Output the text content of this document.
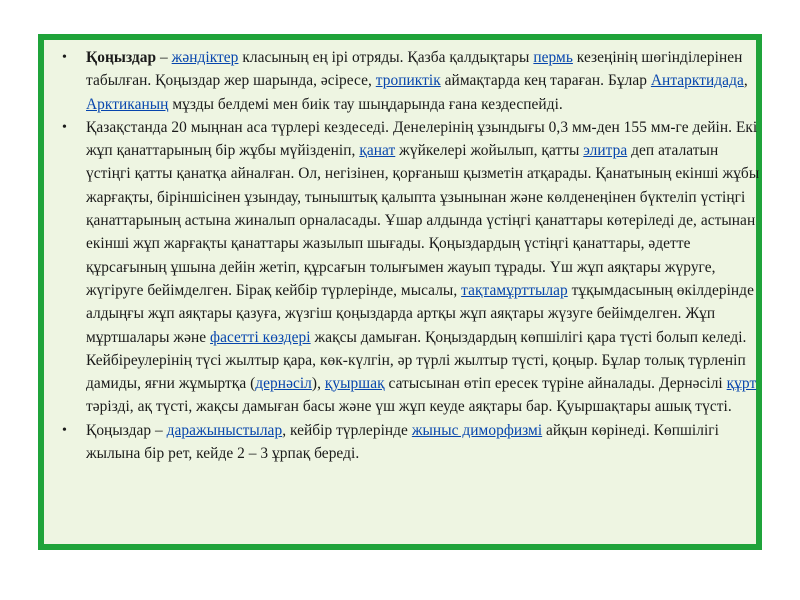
• Қоңыздар – жәндіктер класының ең ірі отряды. Қазба қалдықтары пермь кезеңінің шөгінділерінен табылған. Қоңыздар жер шарында, әсіресе, тропиктік аймақтарда кең тараған. Бұлар Антарктидада, Арктиканың мұзды белдемі мен биік тау шыңдарында ғана кездеспейді.

• Қазақстанда 20 мыңнан аса түрлері кездеседі. Денелерінің ұзындығы 0,3 мм-ден 155 мм-ге дейін. Екі жұп қанаттарының бір жұбы мүйізденіп, қанат жүйкелері жойылып, қатты элитра деп аталатын үстіңгі қатты қанатқа айналған. Ол, негізінен, қорғаныш қызметін атқарады. Қанатының екінші жұбы жарғақты, біріншісінен ұзындау, тыныштық қалыпта ұзынынан және көлденеңінен бүктеліп үстіңгі қанаттарының астына жиналып орналасады. Ұшар алдында үстіңгі қанаттары көтеріледі де, астынан екінші жұп жарғақты қанаттары жазылып шығады. Қоңыздардың үстіңгі қанаттары, әдетте құрсағының ұшына дейін жетіп, құрсағын толығымен жауып тұрады. Үш жұп аяқтары жүруге, жүгіруге бейімделген. Бірақ кейбір түрлерінде, мысалы, тақтамұрттылар тұқымдасының өкілдерінде алдыңғы жұп аяқтары қазуға, жүзгіш қоңыздарда артқы жұп аяқтары жүзуге бейімделген. Жұп мұртшалары және фасетті көздері жақсы дамыған. Қоңыздардың көпшілігі қара түсті болып келеді. Кейбіреулерінің түсі жылтыр қара, көк-күлгін, әр түрлі жылтыр түсті, қоңыр. Бұлар толық түрленіп дамиды, яғни жұмыртқа (дернәсіл), қуыршақ сатысынан өтіп ересек түріне айналады. Дернәсілі құрт тәрізді, ақ түсті, жақсы дамыған басы және үш жұп кеуде аяқтары бар. Қуыршақтары ашық түсті.

• Қоңыздар – даражыныстылар, кейбір түрлерінде жыныс диморфизмі айқын көрінеді. Көпшілігі жылына бір рет, кейде 2 – 3 ұрпақ береді.
